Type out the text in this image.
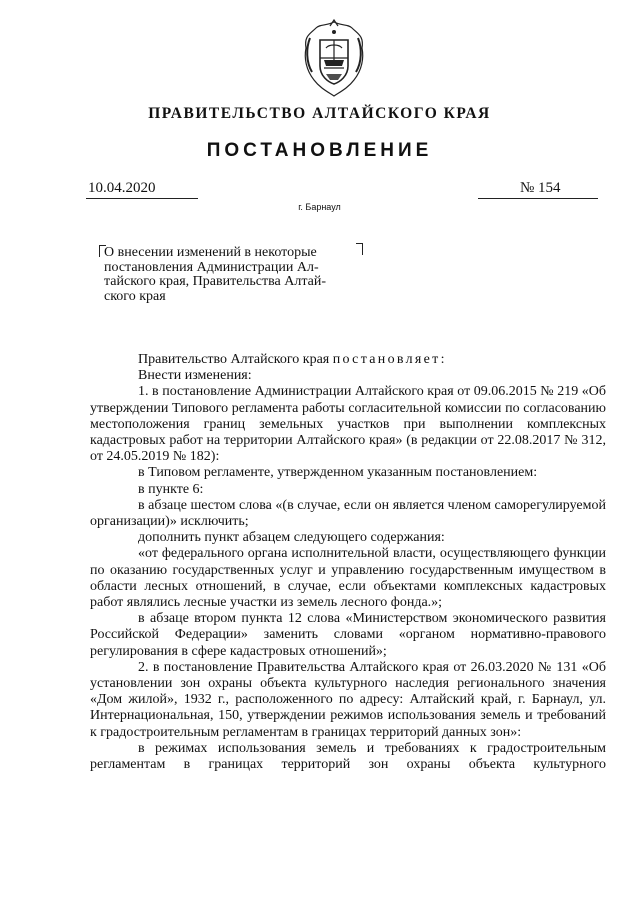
ПРАВИТЕЛЬСТВО АЛТАЙСКОГО КРАЯ
ПОСТАНОВЛЕНИЕ
10.04.2020	№ 154
г. Барнаул
О внесении изменений в некоторые
постановления Администрации Ал-
тайского края, Правительства Алтай-
ского края

Правительство Алтайского края постановляет:

Внести изменения:

1. в постановление Администрации Алтайского края от 09.06.2015 № 219 «Об утверждении Типового регламента работы согласительной комиссии по согласованию местоположения границ земельных участков при выполнении комплексных кадастровых работ на территории Алтайского края» (в редакции от 22.08.2017 № 312, от 24.05.2019 № 182):

в Типовом регламенте, утвержденном указанным постановлением:

в пункте 6:

в абзаце шестом слова «(в случае, если он является членом саморегулируемой организации)» исключить;

дополнить пункт абзацем следующего содержания:

«от федерального органа исполнительной власти, осуществляющего функции по оказанию государственных услуг и управлению государственным имуществом в области лесных отношений, в случае, если объектами комплексных кадастровых работ являлись лесные участки из земель лесного фонда.»;

в абзаце втором пункта 12 слова «Министерством экономического развития Российской Федерации» заменить словами «органом нормативно-правового регулирования в сфере кадастровых отношений»;

2. в постановление Правительства Алтайского края от 26.03.2020 № 131 «Об установлении зон охраны объекта культурного наследия регионального значения «Дом жилой», 1932 г., расположенного по адресу: Алтайский край, г. Барнаул, ул. Интернациональная, 150, утверждении режимов использования земель и требований к градостроительным регламентам в границах территорий данных зон»:

в режимах использования земель и требованиях к градостроительным регламентам в границах территорий зон охраны объекта культурного
